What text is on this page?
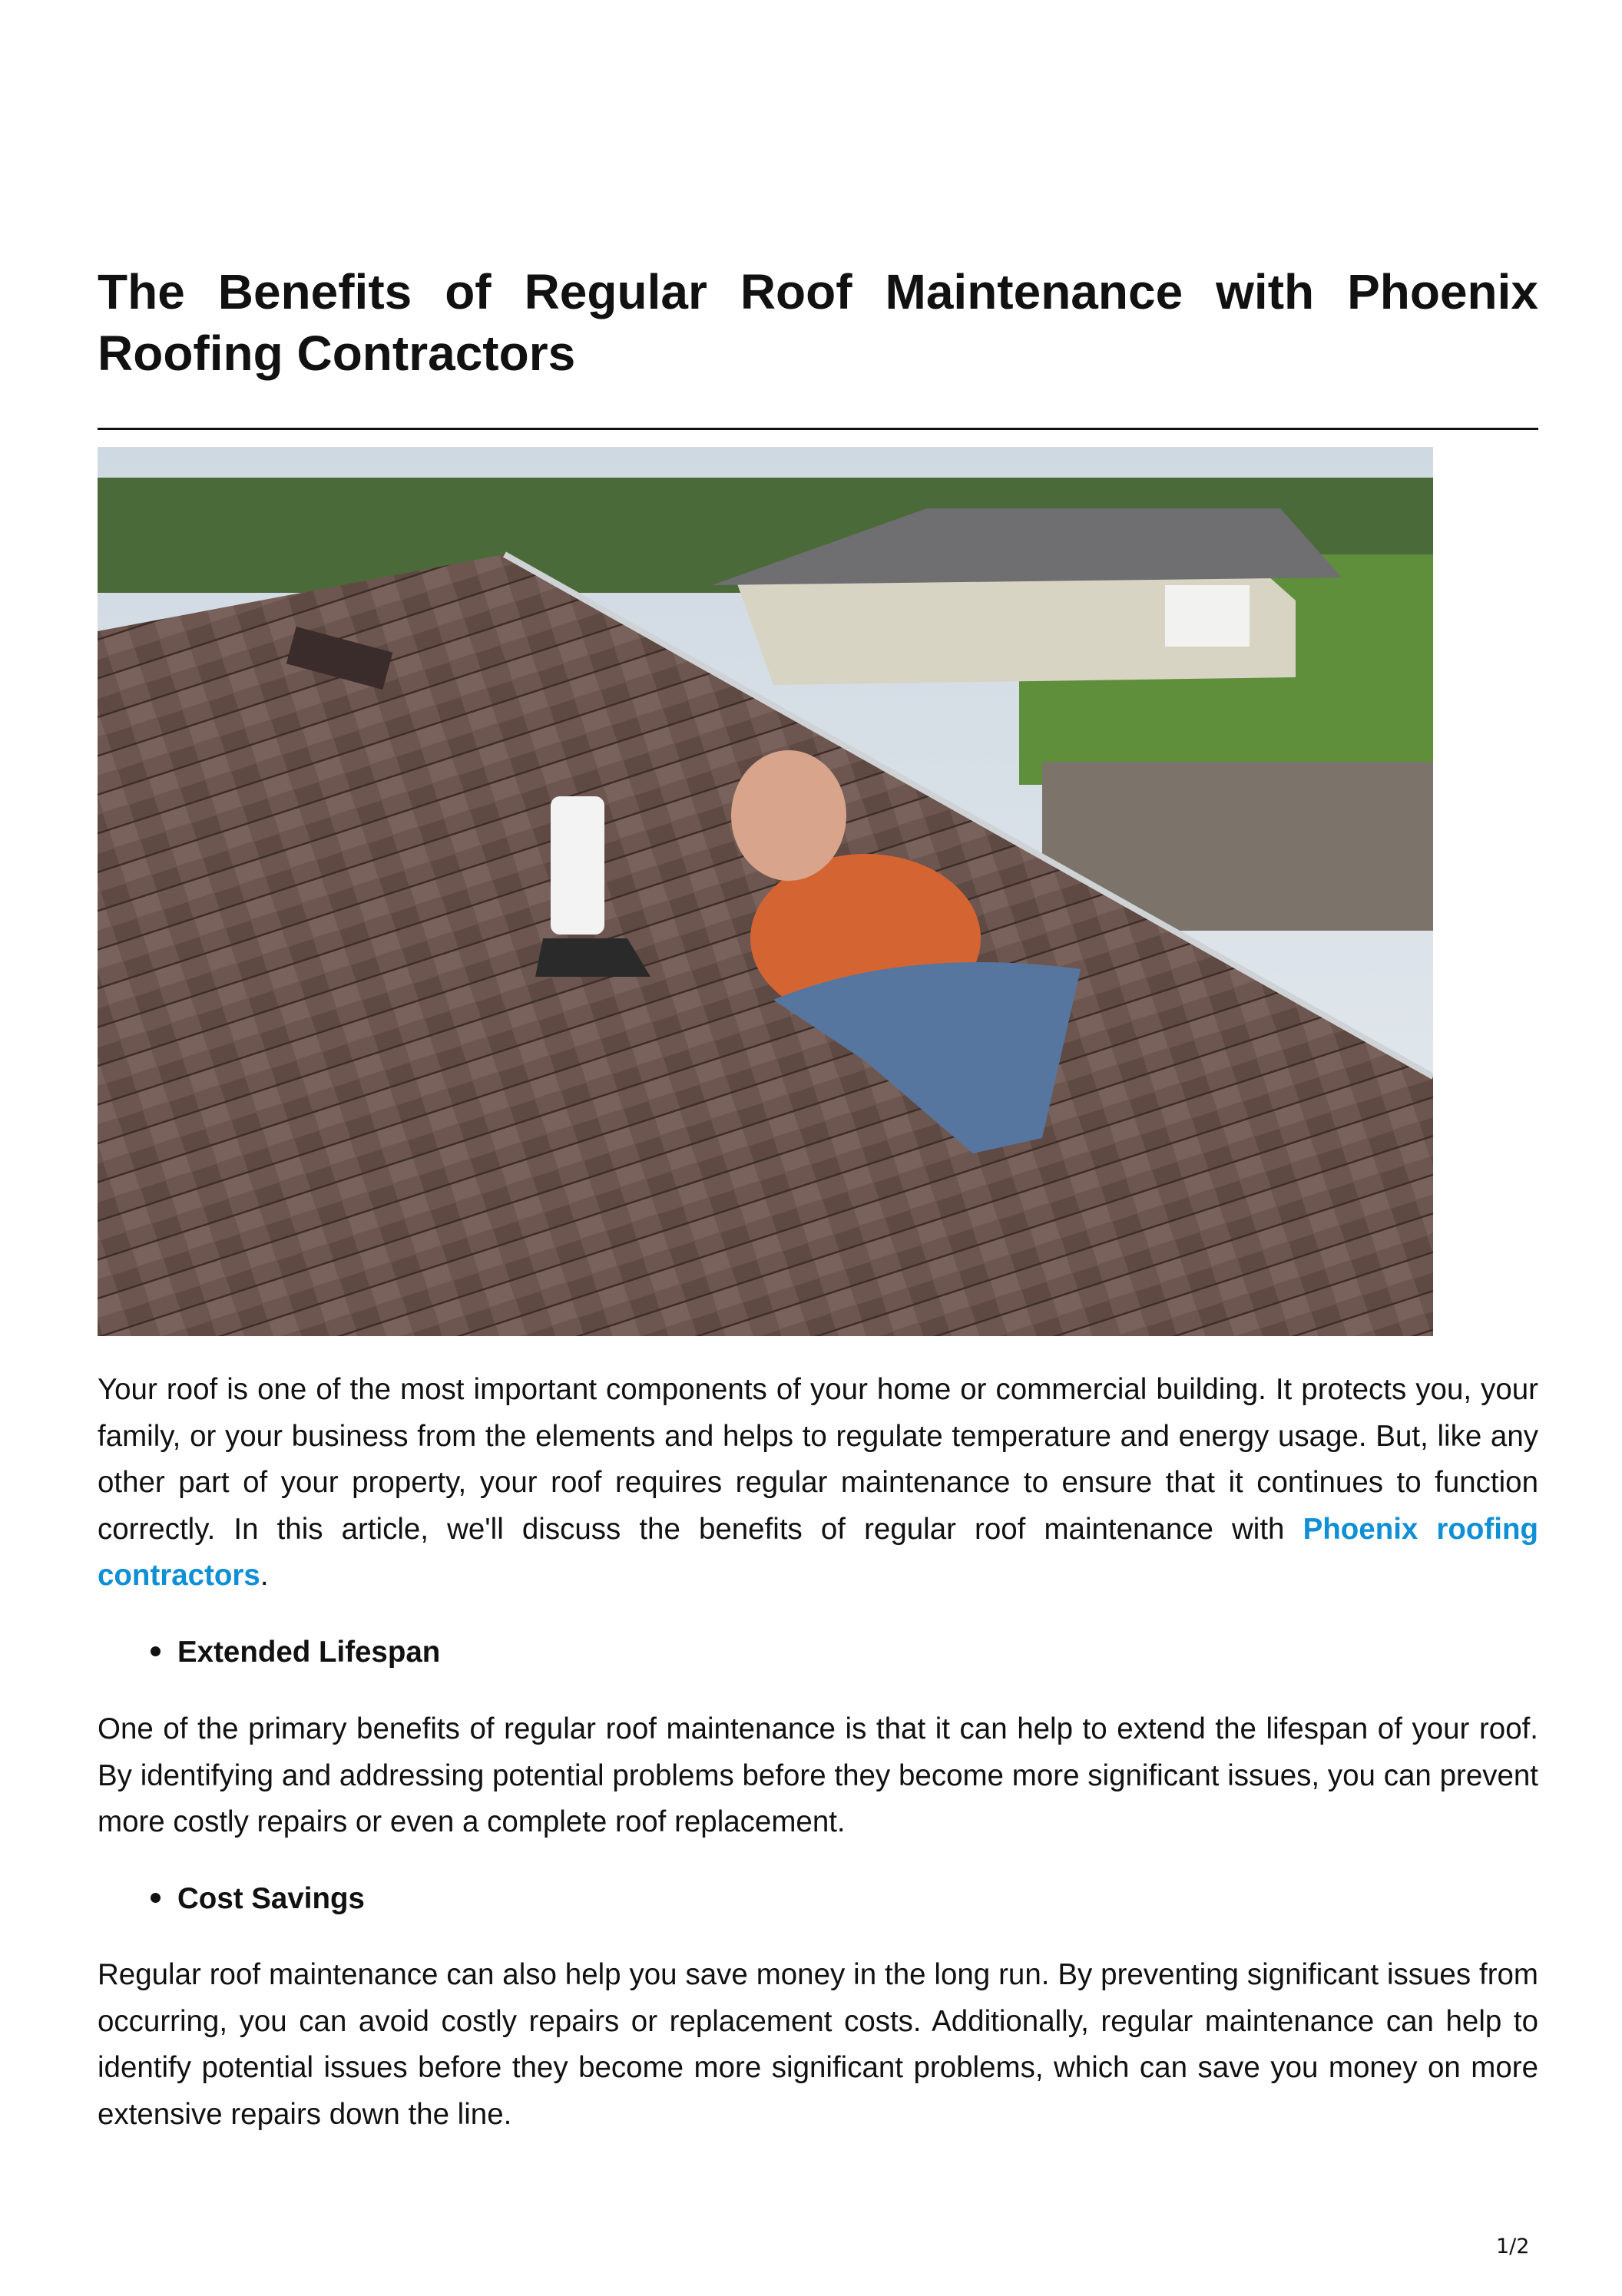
The Benefits of Regular Roof Maintenance with Phoenix Roofing Contractors

Your roof is one of the most important components of your home or commercial building. It protects you, your family, or your business from the elements and helps to regulate temperature and energy usage. But, like any other part of your property, your roof requires regular maintenance to ensure that it continues to function correctly. In this article, we'll discuss the benefits of regular roof maintenance with Phoenix roofing contractors.

Extended Lifespan

One of the primary benefits of regular roof maintenance is that it can help to extend the lifespan of your roof. By identifying and addressing potential problems before they become more significant issues, you can prevent more costly repairs or even a complete roof replacement.

Cost Savings

Regular roof maintenance can also help you save money in the long run. By preventing significant issues from occurring, you can avoid costly repairs or replacement costs. Additionally, regular maintenance can help to identify potential issues before they become more significant problems, which can save you money on more extensive repairs down the line.

1/2
